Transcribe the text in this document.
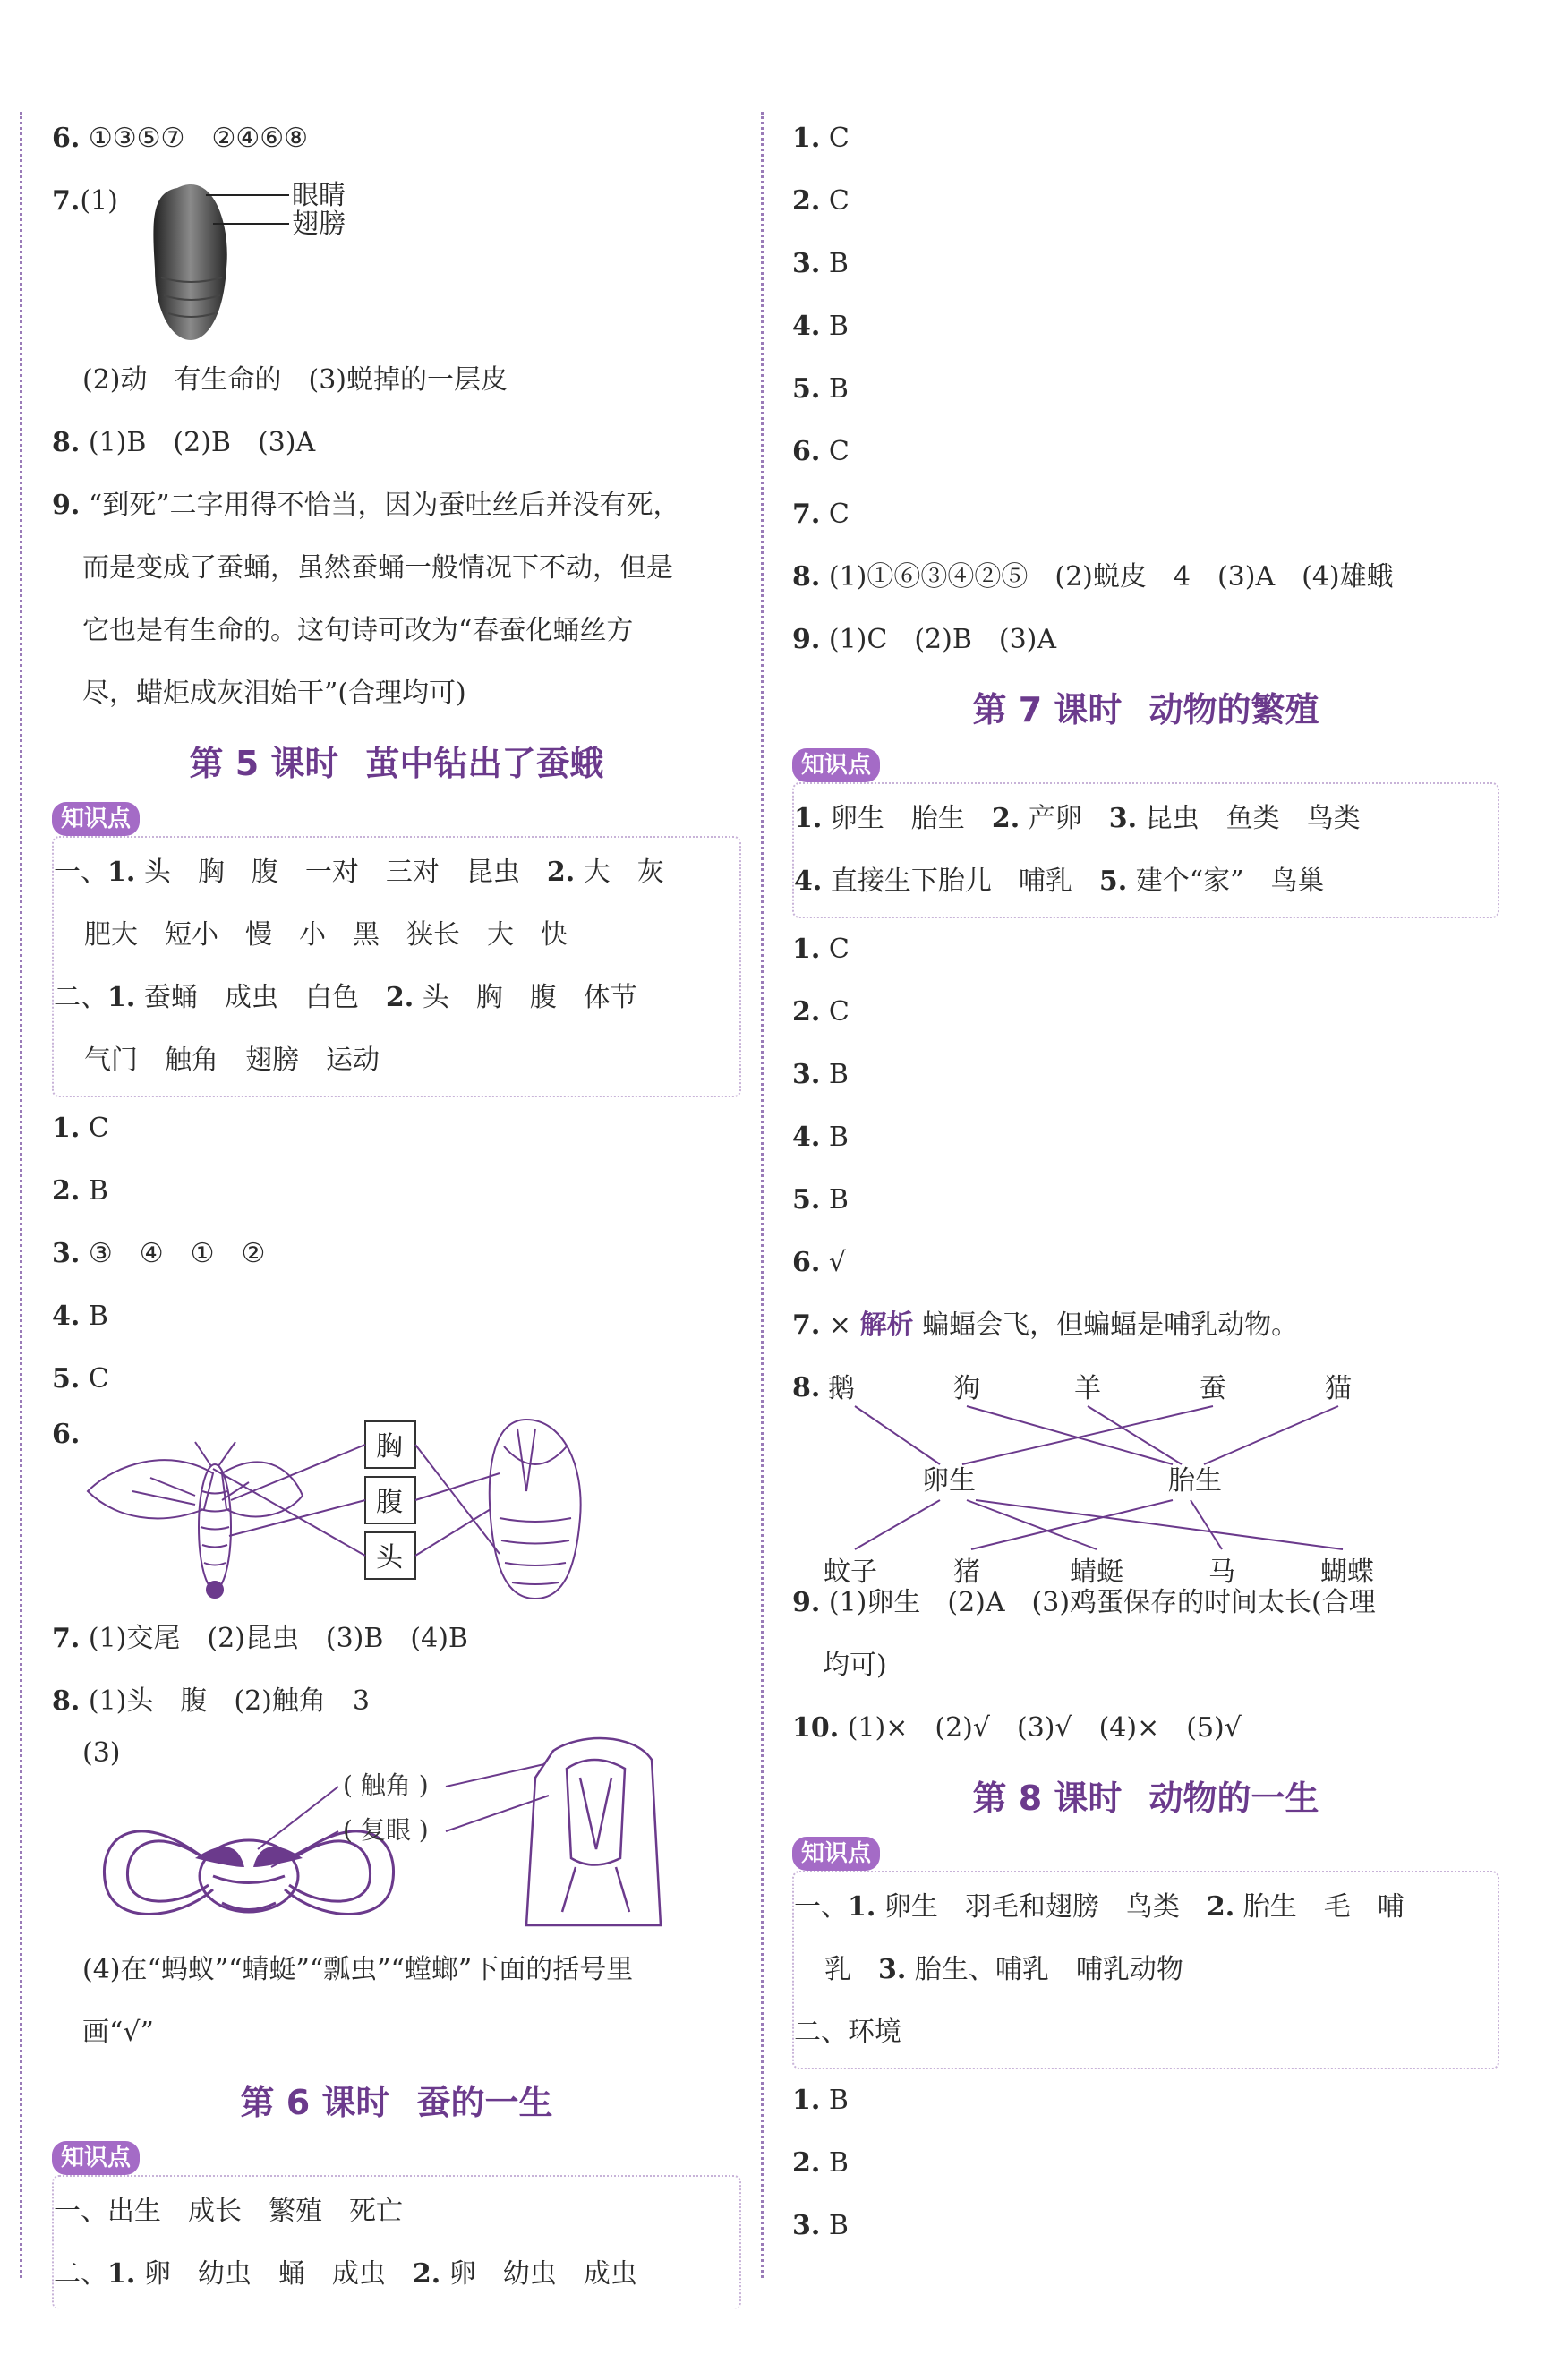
6. ①③⑤⑦　②④⑥⑧
7.(1)	眼睛
翅膀
(2)动　有生命的　(3)蜕掉的一层皮
8. (1)B　(2)B　(3)A
9. “到死”二字用得不恰当，因为蚕吐丝后并没有死，
而是变成了蚕蛹，虽然蚕蛹一般情况下不动，但是
它也是有生命的。这句诗可改为“春蚕化蛹丝方
尽，蜡炬成灰泪始干”(合理均可)
第 5 课时 茧中钻出了蚕蛾
知识点
一、1. 头　胸　腹　一对　三对　昆虫　 2. 大　灰
肥大　短小　慢　小　黑　狭长　大　快
二、1. 蚕蛹　成虫　白色　 2. 头　胸　腹　体节
气门　触角　翅膀　运动
1. C
2. B
3. ③　④　①　②
4. B
5. C
6.	胸
腹
头
7. (1)交尾　(2)昆虫　(3)B　(4)B
8. (1)头　腹　(2)触角　3
(3)
( 触角 )
( 复眼 )
(4)在“蚂蚁”“蜻蜓”“瓢虫”“螳螂”下面的括号里
画“√”
第 6 课时 蚕的一生
知识点
一、出生　成长　繁殖　死亡
二、1. 卵　幼虫　蛹　成虫　 2. 卵　幼虫　成虫
1. C
2. C
3. B
4. B
5. B
6. C
7. C
8. (1)①⑥③④②⑤　(2)蜕皮　4　(3)A　(4)雄蛾
9. (1)C　(2)B　(3)A
第 7 课时 动物的繁殖
知识点
1. 卵生　胎生　 2. 产卵　 3. 昆虫　鱼类　鸟类
4. 直接生下胎儿　哺乳　 5. 建个“家”　鸟巢
1. C
2. C
3. B
4. B
5. B
6. √
7. × 解析 蝙蝠会飞，但蝙蝠是哺乳动物。
8. 鹅	狗	羊	蚕	猫
卵生	胎生
蚊子	猪	蜻蜓	马	蝴蝶
9. (1)卵生　(2)A　(3)鸡蛋保存的时间太长(合理
均可)
10. (1)×　(2)√　(3)√　(4)×　(5)√
第 8 课时 动物的一生
知识点
一、1. 卵生　羽毛和翅膀　鸟类　 2. 胎生　毛　哺
乳　 3. 胎生、哺乳　哺乳动物
二、环境
1. B
2. B
3. B
